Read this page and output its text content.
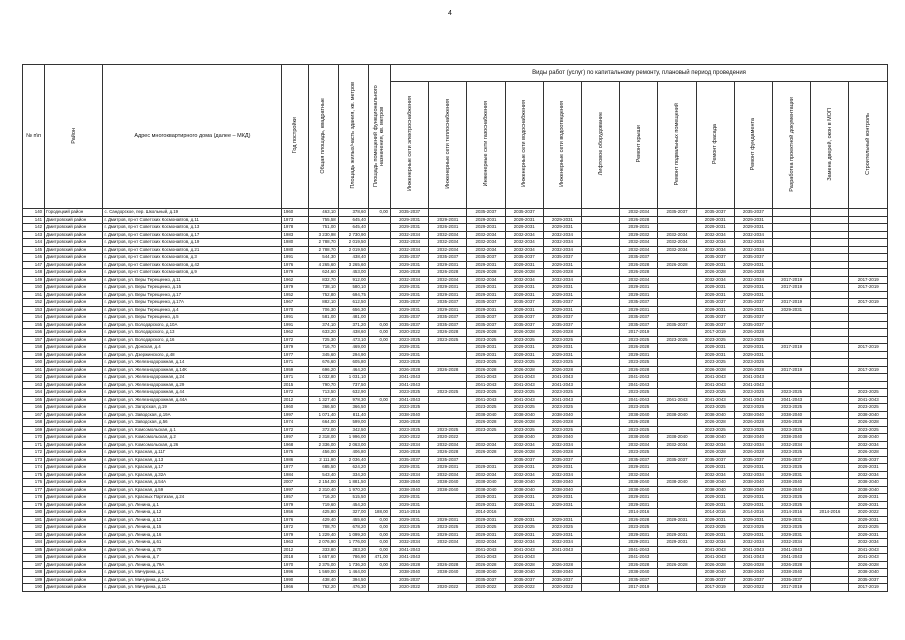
4
№ п\п	Район	Адрес многоквартирного дома (далее – МКД)	Год постройки	Общая площадь, квадратные	Площадь жилых/часть здания, кв. метров	Площадь помещений функционального назначения, кв. метров	Виды работ (услуг) по капитальному ремонту, плановый период проведения												
							Инженерные сети электроснабжения	Инженерные сети теплоснабжения	Инженерные сети газоснабжения	Инженерные сети водоснабжения	Инженерные сети водоотведения	Лифтовое оборудование	Ремонт крыши	Ремонт подвальных помещений	Ремонт фасада	Ремонт фундамента	Разработка проектной документации	Замена дверей, окон в МОП	Строительный контроль
140	Городецкий район	с. Сандорское, пер. Школьный, д.19	1960	463,10	378,60	0,00	2035-2037		2035-2037	2035-2037			2032-2034	2035-2037	2035-2037	2035-2037			
141	Дмитровский район	г. Дмитров, пр-кт Советских Космонавтов, д.11	1973	755,58	645,40		2029-2031	2029-2031	2029-2031	2029-2031	2029-2031		2026-2028		2029-2031	2029-2031			
142	Дмитровский район	г. Дмитров, пр-кт Советских Космонавтов, д.13	1978	751,00	645,40		2029-2031	2026-2031	2029-2031	2029-2031	2029-2031		2029-2031		2029-2031	2029-2031			
143	Дмитровский район	г. Дмитров, пр-кт Советских Космонавтов, д.17	1983	3 230,98	2 730,90		2032-2034	2032-2034	2032-2034	2032-2034	2032-2034		2029-2032	2032-2034	2032-2034	2032-2034			
144	Дмитровский район	г. Дмитров, пр-кт Советских Космонавтов, д.19	1980	2 788,70	2 019,50		2032-2034	2032-2034	2032-2034	2032-2034	2032-2034		2032-2034	2032-2034	2032-2034	2032-2034			
145	Дмитровский район	г. Дмитров, пр-кт Советских Космонавтов, д.21	1980	2 788,70	2 019,50		2032-2034	2032-2034	2032-2034	2032-2034	2032-2034		2032-2034	2032-2034	2032-2034	2032-2034			
146	Дмитровский район	г. Дмитров, пр-кт Советских Космонавтов, д.3	1991	544,30	438,40		2035-2037	2035-2037	2035-2037	2035-2037	2035-2037		2035-2037		2035-2037	2035-2037			
147	Дмитровский район	г. Дмитров, пр-кт Советских Космонавтов, д.42	1976	4 265,60	3 265,60		2029-2031	2029-2031	2029-2031	2029-2031	2029-2031		2026-2028	2026-2028	2029-2031	2029-2031			
148	Дмитровский район	г. Дмитров, пр-кт Советских Космонавтов, д.9	1979	624,60	453,00		2026-2028	2026-2028	2026-2028	2026-2028	2026-2028		2026-2028		2026-2028	2026-2028			
149	Дмитровский район	г. Дмитров, ул. Веры Терещенко, д.11	1962	832,70	912,00		2032-2034	2032-2034	2032-2034	2032-2034	2032-2034		2032-2034		2032-2034	2032-2034	2017-2019		2017-2019
150	Дмитровский район	г. Дмитров, ул. Веры Терещенко, д.15	1979	738,10	580,10		2029-2031	2029-2031	2029-2031	2029-2031	2029-2031		2029-2031		2029-2031	2029-2031	2017-2019		2017-2019
151	Дмитровский район	г. Дмитров, ул. Веры Терещенко, д.17	1952	752,80	694,75		2029-2031	2029-2031	2029-2031	2029-2031	2029-2031		2029-2031		2029-2031	2029-2031			
152	Дмитровский район	г. Дмитров, ул. Веры Терещенко, д.17А	1967	882,10	612,50		2035-2037	2035-2037	2035-2037	2035-2037	2035-2037		2035-2037		2035-2037	2035-2037	2017-2019		2017-2019
153	Дмитровский район	г. Дмитров, ул. Веры Терещенко, д.4	1970	706,30	656,30		2029-2031	2029-2031	2029-2031	2029-2031	2029-2031		2029-2031		2029-2031	2029-2031	2029-2031		
154	Дмитровский район	г. Дмитров, ул. Веры Терещенко, д.5	1991	581,00	481,00		2035-2037	2035-2037	2035-2037	2035-2037	2035-2037		2035-2037		2035-2037	2035-2037			
155	Дмитровский район	г. Дмитров, ул. Володарского, д.10А	1991	374,10	371,20	0,00	2035-2037	2035-2037	2035-2037	2035-2037	2035-2037		2035-2037	2035-2037	2035-2037	2035-2037			
156	Дмитровский район	г. Дмитров, ул. Володарского, д.13	1962	633,20	438,60	0,00	2020-2022	2026-2028	2026-2028	2026-2028	2026-2028		2017-2019		2017-2019	2026-2028			
157	Дмитровский район	г. Дмитров, ул. Володарского, д.16	1972	725,30	473,10	0,00	2023-2025	2023-2025	2023-2025	2023-2025	2023-2025		2023-2025	2023-2025	2023-2025	2023-2025			
158	Дмитровский район	г. Дмитров, ул. Донская, д.4	1979	716,70	469,00		2029-2031		2029-2031	2029-2031	2029-2031		2026-2028		2029-2031	2029-2031	2017-2019		2017-2019
159	Дмитровский район	г. Дмитров, ул. Дзержинского, д.48	1977	345,60	294,90		2029-2031		2029-2031	2029-2031	2029-2031		2029-2031		2029-2031	2029-2031			
160	Дмитровский район	г. Дмитров, ул. Железнодорожная, д.14	1971	676,60	605,80		2023-2025		2023-2025	2023-2025	2023-2025		2023-2025		2023-2025	2023-2025			
161	Дмитровский район	г. Дмитров, ул. Железнодорожная, д.14К	1959	696,20	464,20		2026-2028	2026-2028	2026-2028	2026-2028	2026-2028		2026-2028		2026-2028	2026-2028	2017-2019		2017-2019
162	Дмитровский район	г. Дмитров, ул. Железнодорожная, д.24	1971	1 032,80	1 031,10		2041-2043		2041-2043	2041-2043	2041-2043		2041-2043		2041-2043	2041-2043			
163	Дмитровский район	г. Дмитров, ул. Железнодорожная, д.29	2015	790,70	737,50		2041-2043		2041-2043	2041-2043	2041-2043		2041-2043		2041-2043	2041-2043			
164	Дмитровский район	г. Дмитров, ул. Железнодорожная, д.44	1972	713,50	632,90		2023-2025	2023-2025	2023-2025	2023-2025	2023-2025		2023-2025		2023-2025	2023-2025	2023-2025		2023-2025
165	Дмитровский район	г. Дмитров, ул. Железнодорожная, д.44А	2012	1 327,40	978,30	0,00	2041-2043		2041-2043	2041-2043	2041-2043		2041-2043	2041-2043	2041-2043	2041-2043	2041-2043		2041-2043
166	Дмитровский район	г. Дмитров, ул. Загорская, д.19	1960	366,50	366,50		2023-2025		2023-2025	2023-2025	2023-2025		2023-2025		2023-2025	2023-2025	2023-2025		2023-2025
167	Дмитровский район	г. Дмитров, ул. Заводская, д.19А	1997	1 071,40	811,40		2038-2040		2038-2040	2038-2040	2038-2040		2038-2040	2038-2040	2038-2040	2038-2040	2038-2040		2038-2040
168	Дмитровский район	г. Дмитров, ул. Заводская, д.56	1974	664,00	599,00		2026-2028		2026-2028	2026-2028	2026-2028		2026-2028		2026-2028	2026-2028	2026-2028		2026-2028
169	Дмитровский район	г. Дмитров, ул. Комсомольская, д.1	1972	372,00	342,50		2023-2025	2023-2025	2023-2025	2023-2025	2023-2025		2023-2025		2023-2025	2023-2025	2023-2025		2023-2025
170	Дмитровский район	г. Дмитров, ул. Комсомольская, д.2	1997	2 318,00	1 996,00		2020-2022	2020-2022		2038-2040	2038-2040		2038-2040	2038-2040	2038-2040	2038-2040	2038-2040		2038-2040
171	Дмитровский район	г. Дмитров, ул. Комсомольская, д.26	1968	2 336,00	2 063,00		2032-2034	2032-2034	2032-2034	2032-2034	2032-2034		2032-2034	2032-2034	2032-2034	2032-2034	2032-2034		2032-2034
172	Дмитровский район	г. Дмитров, ул. Красная, д.11Г	1975	456,00	406,80		2026-2028	2026-2028	2026-2028	2026-2028	2026-2028		2023-2025		2026-2028	2026-2028	2023-2025		2026-2028
173	Дмитровский район	г. Дмитров, ул. Красная, д.13	1986	2 111,90	2 036,40		2035-2037	2035-2037		2035-2037	2035-2037		2035-2037	2035-2037	2035-2037	2035-2037	2035-2037		2035-2037
174	Дмитровский район	г. Дмитров, ул. Красная, д.17	1977	685,50	624,20		2029-2031	2029-2031	2029-2031	2029-2031	2029-2031		2029-2031		2029-2031	2029-2031	2023-2025		2029-2031
175	Дмитровский район	г. Дмитров, ул. Красная, д.32А	1984	543,40	334,20		2032-2034	2032-2034	2032-2034	2032-2034	2032-2034		2032-2034		2032-2034	2032-2034	2029-2031		2032-2034
176	Дмитровский район	г. Дмитров, ул. Красная, д.54А	2007	2 154,00	1 881,50		2038-2040	2038-2040	2038-2040	2038-2040	2038-2040		2038-2040	2038-2040	2038-2040	2038-2040	2038-2040		2038-2040
177	Дмитровский район	г. Дмитров, ул. Красная, д.59	1997	2 310,40	1 970,20		2038-2040	2038-2040	2038-2040	2038-2040	2038-2040		2038-2040		2038-2040	2038-2040	2038-2040		2038-2040
178	Дмитровский район	г. Дмитров, ул. Красных Партизан, д.24	1957	716,20	515,50		2029-2031		2029-2031	2029-2031	2029-2031		2029-2031		2029-2031	2029-2031	2023-2025		2029-2031
179	Дмитровский район	г. Дмитров, ул. Ленина, д.1	1979	719,60	454,20		2029-2031		2029-2031	2029-2031	2029-2031		2029-2031		2029-2031	2029-2031	2023-2025		2029-2031
180	Дмитровский район	г. Дмитров, ул. Ленина, д.12	1956	425,80	327,00	188,00	2014-2016		2014-2016				2014-2016		2014-2016	2014-2016	2014-2016	2014-2016	2020-2022
181	Дмитровский район	г. Дмитров, ул. Ленина, д.13	1976	429,40	455,60	0,00	2029-2031	2029-2031	2029-2031	2029-2031	2029-2031		2026-2028	2029-2031	2029-2031	2029-2031	2029-2031		2029-2031
182	Дмитровский район	г. Дмитров, ул. Ленина, д.15	1972	708,70	678,20	0,00	2023-2025	2023-2025	2023-2025	2023-2025	2023-2025		2023-2025		2023-2025	2023-2025	2023-2025		2023-2025
183	Дмитровский район	г. Дмитров, ул. Ленина, д.16	1979	1 229,40	1 099,20	0,00	2029-2031	2029-2031	2029-2031	2029-2031	2029-2031		2029-2031	2029-2031	2029-2031	2029-2031	2029-2031		2029-2031
184	Дмитровский район	г. Дмитров, ул. Ленина, д.61	1963	2 076,90	1 776,00	0,00	2032-2034	2032-2034	2032-2034	2032-2034	2032-2034		2029-2031	2029-2031	2032-2034	2032-2034	2032-2034		2032-2034
185	Дмитровский район	г. Дмитров, ул. Ленина, д.70	2012	333,80	283,20	0,00	2041-2043		2041-2043	2041-2043	2041-2043		2041-2043		2041-2043	2041-2043	2041-2043		2041-2043
186	Дмитровский район	г. Дмитров, ул. Ленина, д.7	2018	1 657,60	786,90	471,00	2041-2043		2041-2043	2041-2043			2041-2043		2041-2043	2041-2043	2041-2043		2041-2043
187	Дмитровский район	г. Дмитров, ул. Ленина, д.79А	1970	2 375,00	1 736,20	0,00	2026-2028	2026-2028	2026-2028	2026-2028	2026-2028		2026-2028	2026-2028	2026-2028	2026-2028	2026-2028		2026-2028
188	Дмитровский район	г. Дмитров, ул. Мичурина, д.1	1996	1 569,00	1 464,00		2038-2040	2038-2040	2038-2040	2038-2040	2038-2040		2038-2040		2038-2040	2038-2040	2038-2040		2038-2040
189	Дмитровский район	г. Дмитров, ул. Мичурина, д.10А	1990	438,40	394,50		2035-2037		2035-2037	2035-2037	2035-2037		2035-2037		2035-2037	2035-2037	2035-2037		2035-2037
190	Дмитровский район	г. Дмитров, ул. Мичурина, д.11	1966	762,20	476,30		2020-2022	2020-2022	2020-2022	2020-2022	2020-2022		2017-2019		2017-2019	2020-2022	2017-2019		2017-2019
